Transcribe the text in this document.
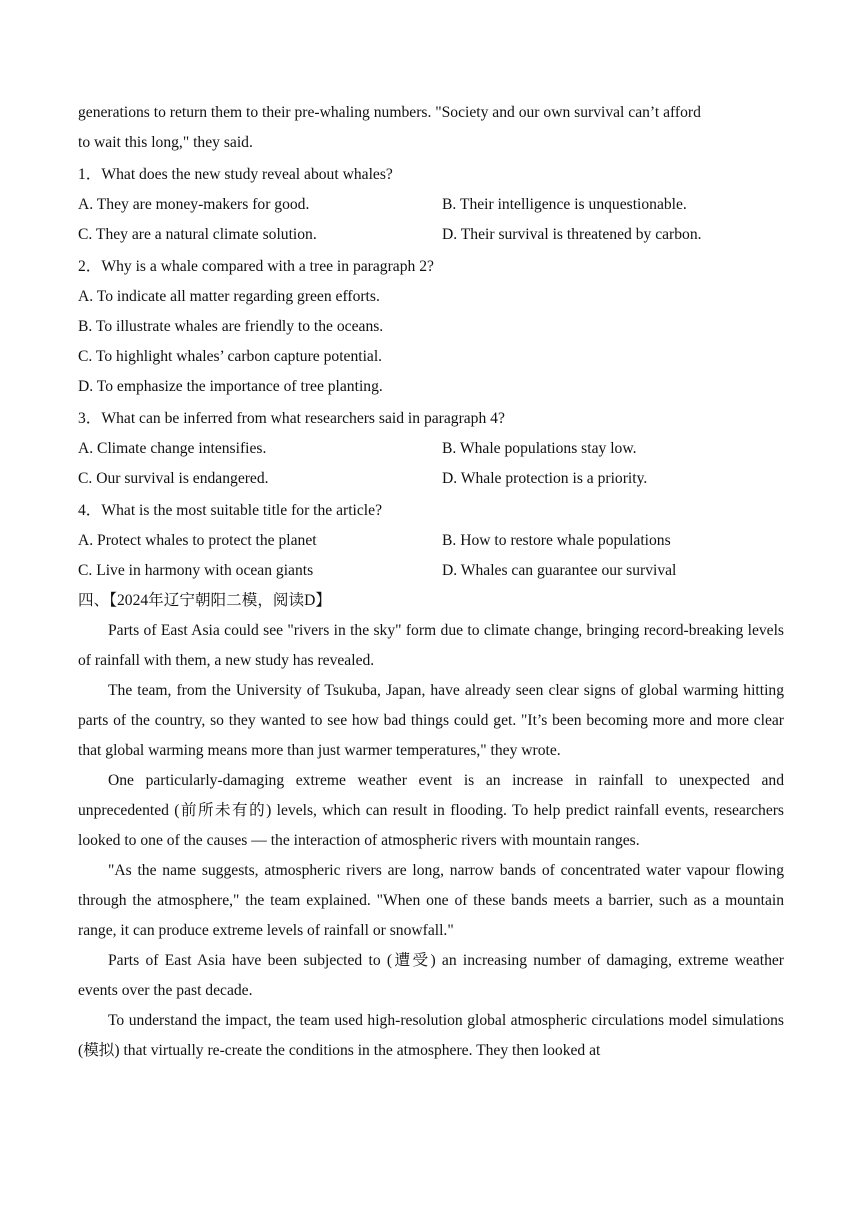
generations to return them to their pre-whaling numbers. "Society and our own survival can’t afford
to wait this long," they said.
1．What does the new study reveal about whales?
A. They are money-makers for good.	B. Their intelligence is unquestionable.
C. They are a natural climate solution.	D. Their survival is threatened by carbon.
2．Why is a whale compared with a tree in paragraph 2?
A. To indicate all matter regarding green efforts.
B. To illustrate whales are friendly to the oceans.
C. To highlight whales’ carbon capture potential.
D. To emphasize the importance of tree planting.
3．What can be inferred from what researchers said in paragraph 4?
A. Climate change intensifies.	B. Whale populations stay low.
C. Our survival is endangered.	D. Whale protection is a priority.
4．What is the most suitable title for the article?
A. Protect whales to protect the planet	B. How to restore whale populations
C. Live in harmony with ocean giants	D. Whales can guarantee our survival
四、【2024年辽宁朝阳二模，阅读D】

Parts of East Asia could see "rivers in the sky" form due to climate change, bringing record-breaking levels of rainfall with them, a new study has revealed.

The team, from the University of Tsukuba, Japan, have already seen clear signs of global warming hitting parts of the country, so they wanted to see how bad things could get. "It’s been becoming more and more clear that global warming means more than just warmer temperatures," they wrote.

One particularly-damaging extreme weather event is an increase in rainfall to unexpected and unprecedented (前所未有的) levels, which can result in flooding. To help predict rainfall events, researchers looked to one of the causes — the interaction of atmospheric rivers with mountain ranges.

"As the name suggests, atmospheric rivers are long, narrow bands of concentrated water vapour flowing through the atmosphere," the team explained. "When one of these bands meets a barrier, such as a mountain range, it can produce extreme levels of rainfall or snowfall."

Parts of East Asia have been subjected to (遭受) an increasing number of damaging, extreme weather events over the past decade.

To understand the impact, the team used high-resolution global atmospheric circulations model simulations (模拟) that virtually re-create the conditions in the atmosphere. They then looked at
